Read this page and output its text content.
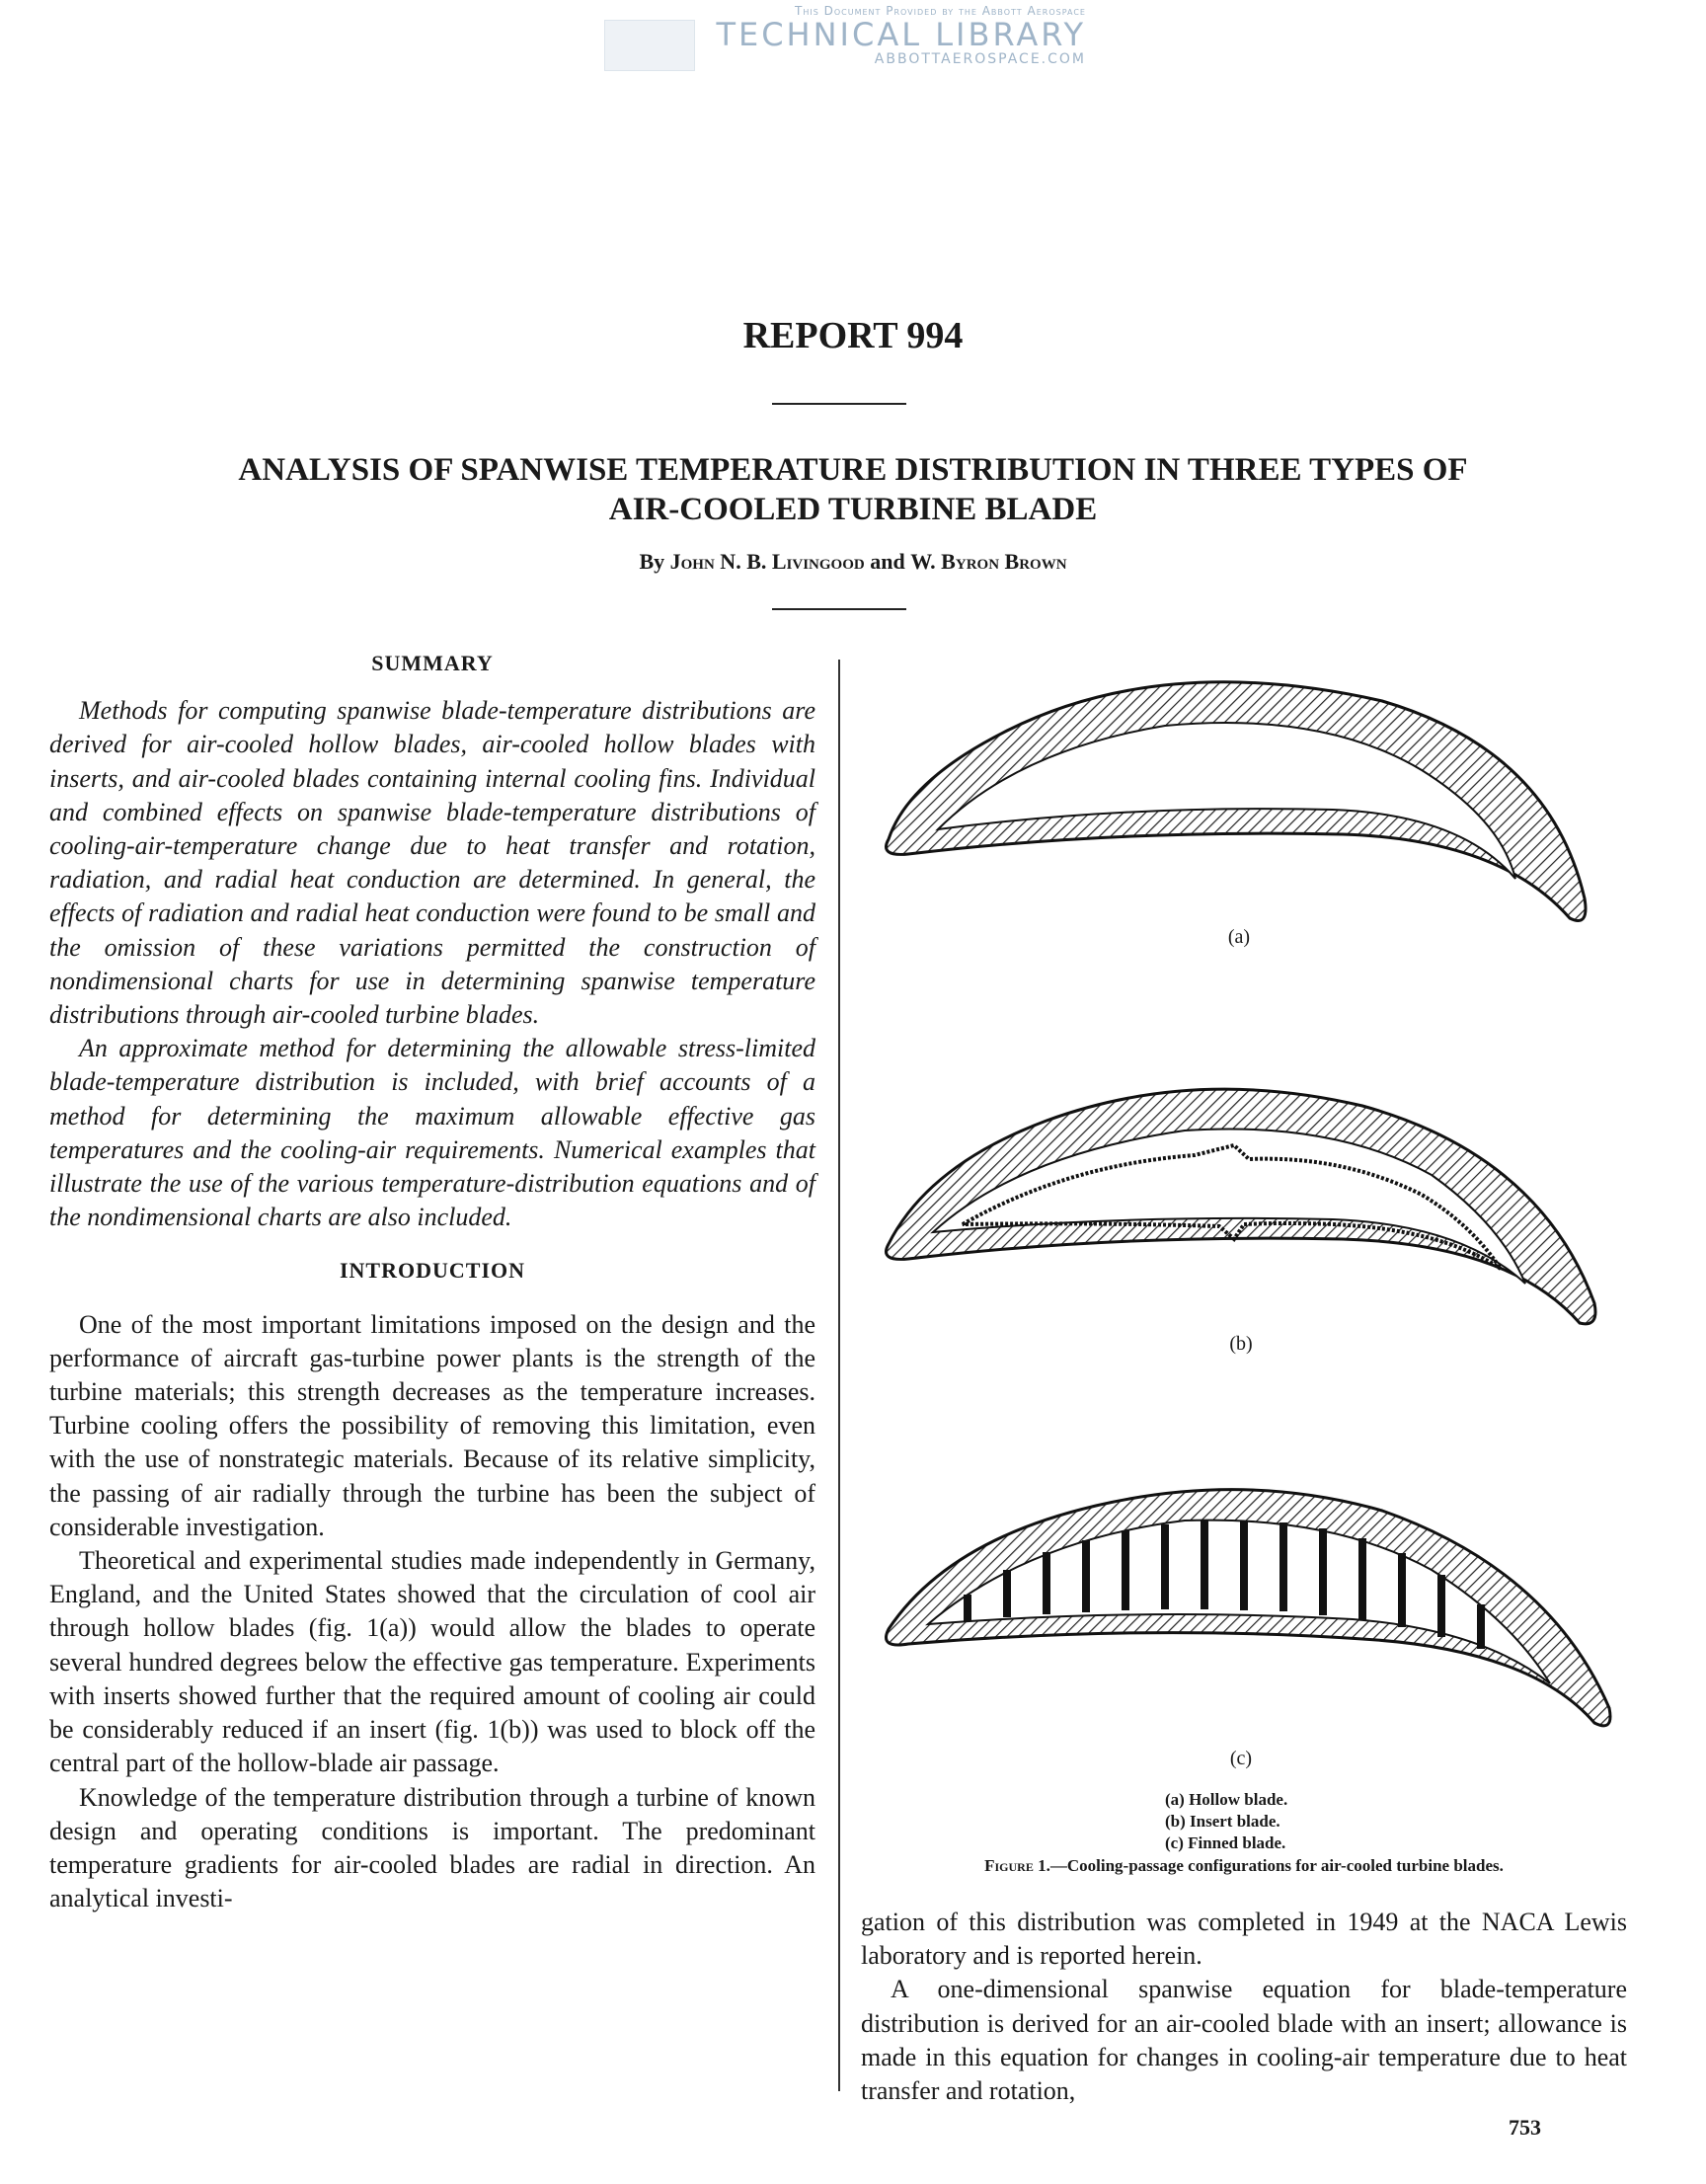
This Document Provided by the Abbott Aerospace
TECHNICAL LIBRARY
ABBOTTAEROSPACE.COM
REPORT 994
ANALYSIS OF SPANWISE TEMPERATURE DISTRIBUTION IN THREE TYPES OF
AIR-COOLED TURBINE BLADE
By John N. B. Livingood and W. Byron Brown
SUMMARY

Methods for computing spanwise blade-temperature distributions are derived for air-cooled hollow blades, air-cooled hollow blades with inserts, and air-cooled blades containing internal cooling fins. Individual and combined effects on spanwise blade-temperature distributions of cooling-air-temperature change due to heat transfer and rotation, radiation, and radial heat conduction are determined. In general, the effects of radiation and radial heat conduction were found to be small and the omission of these variations permitted the construction of nondimensional charts for use in determining spanwise temperature distributions through air-cooled turbine blades.

An approximate method for determining the allowable stress-limited blade-temperature distribution is included, with brief accounts of a method for determining the maximum allowable effective gas temperatures and the cooling-air requirements. Numerical examples that illustrate the use of the various temperature-distribution equations and of the nondimensional charts are also included.

INTRODUCTION

One of the most important limitations imposed on the design and the performance of aircraft gas-turbine power plants is the strength of the turbine materials; this strength decreases as the temperature increases. Turbine cooling offers the possibility of removing this limitation, even with the use of nonstrategic materials. Because of its relative simplicity, the passing of air radially through the turbine has been the subject of considerable investigation.

Theoretical and experimental studies made independently in Germany, England, and the United States showed that the circulation of cool air through hollow blades (fig. 1(a)) would allow the blades to operate several hundred degrees below the effective gas temperature. Experiments with inserts showed further that the required amount of cooling air could be considerably reduced if an insert (fig. 1(b)) was used to block off the central part of the hollow-blade air passage.

Knowledge of the temperature distribution through a turbine of known design and operating conditions is important. The predominant temperature gradients for air-cooled blades are radial in direction. An analytical investi-

(a)
(b)
(c)
(a) Hollow blade.
(b) Insert blade.
(c) Finned blade.
Figure 1.—Cooling-passage configurations for air-cooled turbine blades.

gation of this distribution was completed in 1949 at the NACA Lewis laboratory and is reported herein.

A one-dimensional spanwise equation for blade-temperature distribution is derived for an air-cooled blade with an insert; allowance is made in this equation for changes in cooling-air temperature due to heat transfer and rotation,

753
